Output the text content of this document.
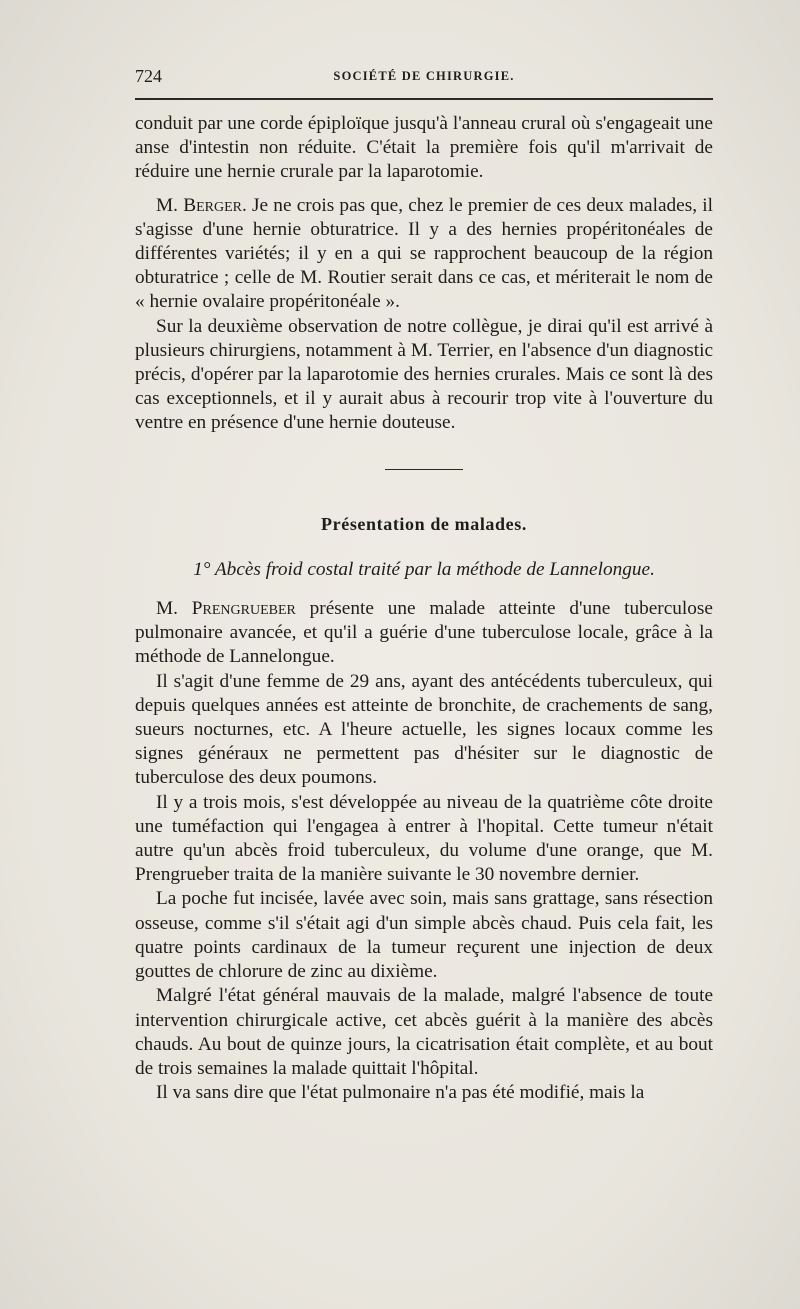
724	SOCIÉTÉ DE CHIRURGIE.

conduit par une corde épiploïque jusqu'à l'anneau crural où s'engageait une anse d'intestin non réduite. C'était la première fois qu'il m'arrivait de réduire une hernie crurale par la laparotomie.

M. Berger. Je ne crois pas que, chez le premier de ces deux malades, il s'agisse d'une hernie obturatrice. Il y a des hernies propéritonéales de différentes variétés; il y en a qui se rapprochent beaucoup de la région obturatrice ; celle de M. Routier serait dans ce cas, et mériterait le nom de « hernie ovalaire propéritonéale ».

Sur la deuxième observation de notre collègue, je dirai qu'il est arrivé à plusieurs chirurgiens, notamment à M. Terrier, en l'absence d'un diagnostic précis, d'opérer par la laparotomie des hernies crurales. Mais ce sont là des cas exceptionnels, et il y aurait abus à recourir trop vite à l'ouverture du ventre en présence d'une hernie douteuse.

Présentation de malades.
1° Abcès froid costal traité par la méthode de Lannelongue.

M. Prengrueber présente une malade atteinte d'une tuberculose pulmonaire avancée, et qu'il a guérie d'une tuberculose locale, grâce à la méthode de Lannelongue.

Il s'agit d'une femme de 29 ans, ayant des antécédents tuberculeux, qui depuis quelques années est atteinte de bronchite, de crachements de sang, sueurs nocturnes, etc. A l'heure actuelle, les signes locaux comme les signes généraux ne permettent pas d'hésiter sur le diagnostic de tuberculose des deux poumons.

Il y a trois mois, s'est développée au niveau de la quatrième côte droite une tuméfaction qui l'engagea à entrer à l'hopital. Cette tumeur n'était autre qu'un abcès froid tuberculeux, du volume d'une orange, que M. Prengrueber traita de la manière suivante le 30 novembre dernier.

La poche fut incisée, lavée avec soin, mais sans grattage, sans résection osseuse, comme s'il s'était agi d'un simple abcès chaud. Puis cela fait, les quatre points cardinaux de la tumeur reçurent une injection de deux gouttes de chlorure de zinc au dixième.

Malgré l'état général mauvais de la malade, malgré l'absence de toute intervention chirurgicale active, cet abcès guérit à la manière des abcès chauds. Au bout de quinze jours, la cicatrisation était complète, et au bout de trois semaines la malade quittait l'hôpital.

Il va sans dire que l'état pulmonaire n'a pas été modifié, mais la
